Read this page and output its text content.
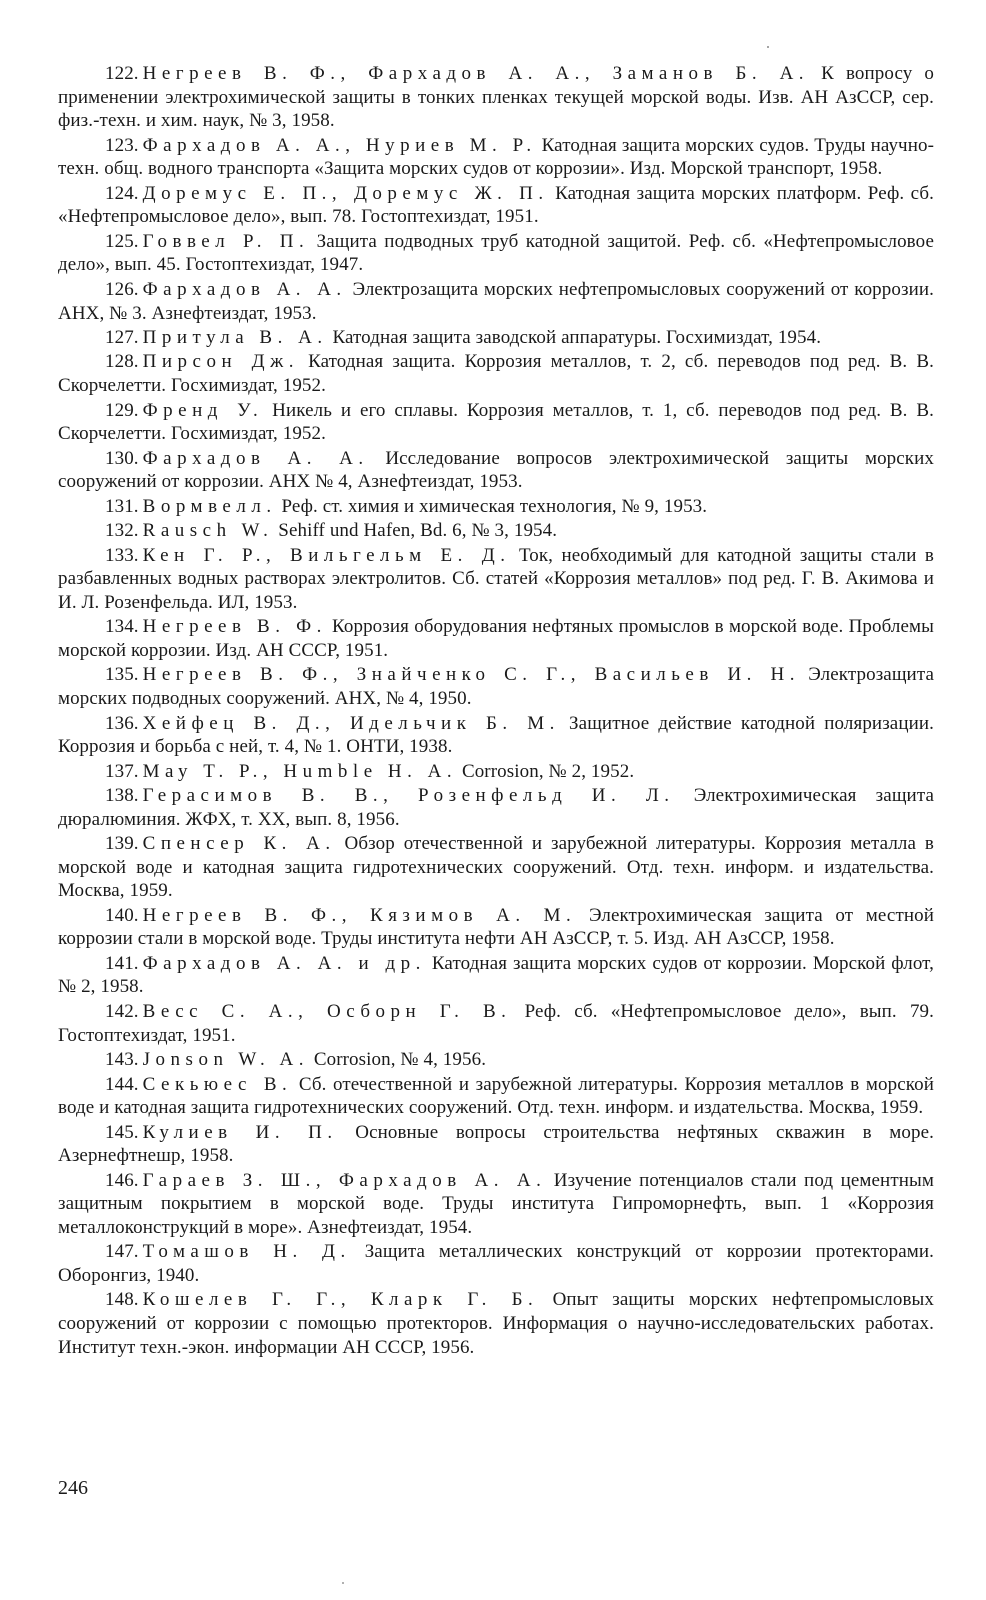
122. Негреев В. Ф., Фархадов А. А., Заманов Б. А. К вопросу о применении электрохимической защиты в тонких пленках текущей морской воды. Изв. АН АзССР, сер. физ.-техн. и хим. наук, № 3, 1958.

123. Фархадов А. А., Нуриев М. Р. Катодная защита морских судов. Труды научно-техн. общ. водного транспорта «Защита морских судов от коррозии». Изд. Морской транспорт, 1958.

124. Доремус Е. П., Доремус Ж. П. Катодная защита морских платформ. Реф. сб. «Нефтепромысловое дело», вып. 78. Гостоптехиздат, 1951.

125. Говвел Р. П. Защита подводных труб катодной защитой. Реф. сб. «Нефтепромысловое дело», вып. 45. Гостоптехиздат, 1947.

126. Фархадов А. А. Электрозащита морских нефтепромысловых сооружений от коррозии. АНХ, № 3. Азнефтеиздат, 1953.

127. Притула В. А. Катодная защита заводской аппаратуры. Госхимиздат, 1954.

128. Пирсон Дж. Катодная защита. Коррозия металлов, т. 2, сб. переводов под ред. В. В. Скорчелетти. Госхимиздат, 1952.

129. Френд У. Никель и его сплавы. Коррозия металлов, т. 1, сб. переводов под ред. В. В. Скорчелетти. Госхимиздат, 1952.

130. Фархадов А. А. Исследование вопросов электрохимической защиты морских сооружений от коррозии. АНХ № 4, Азнефтеиздат, 1953.

131. Вормвелл. Реф. ст. химия и химическая технология, № 9, 1953.

132. Rausch W. Sehiff und Hafen, Bd. 6, № 3, 1954.

133. Кен Г. Р., Вильгельм Е. Д. Ток, необходимый для катодной защиты стали в разбавленных водных растворах электролитов. Сб. статей «Коррозия металлов» под ред. Г. В. Акимова и И. Л. Розенфельда. ИЛ, 1953.

134. Негреев В. Ф. Коррозия оборудования нефтяных промыслов в морской воде. Проблемы морской коррозии. Изд. АН СССР, 1951.

135. Негреев В. Ф., Знайченко С. Г., Васильев И. Н. Электрозащита морских подводных сооружений. АНХ, № 4, 1950.

136. Хейфец В. Д., Идельчик Б. М. Защитное действие катодной поляризации. Коррозия и борьба с ней, т. 4, № 1. ОНТИ, 1938.

137. Мау Т. Р., Humble Н. А. Corrosion, № 2, 1952.

138. Герасимов В. В., Розенфельд И. Л. Электрохимическая защита дюралюминия. ЖФХ, т. XX, вып. 8, 1956.

139. Спенсер К. А. Обзор отечественной и зарубежной литературы. Коррозия металла в морской воде и катодная защита гидротехнических сооружений. Отд. техн. информ. и издательства. Москва, 1959.

140. Негреев В. Ф., Кязимов А. М. Электрохимическая защита от местной коррозии стали в морской воде. Труды института нефти АН АзССР, т. 5. Изд. АН АзССР, 1958.

141. Фархадов А. А. и др. Катодная защита морских судов от коррозии. Морской флот, № 2, 1958.

142. Весс С. А., Осборн Г. В. Реф. сб. «Нефтепромысловое дело», вып. 79. Гостоптехиздат, 1951.

143. Jonson W. A. Corrosion, № 4, 1956.

144. Секьюес В. Сб. отечественной и зарубежной литературы. Коррозия металлов в морской воде и катодная защита гидротехнических сооружений. Отд. техн. информ. и издательства. Москва, 1959.

145. Кулиев И. П. Основные вопросы строительства нефтяных скважин в море. Азернефтнешр, 1958.

146. Гараев З. Ш., Фархадов А. А. Изучение потенциалов стали под цементным защитным покрытием в морской воде. Труды института Гипроморнефть, вып. 1 «Коррозия металлоконструкций в море». Азнефтеиздат, 1954.

147. Томашов Н. Д. Защита металлических конструкций от коррозии протекторами. Оборонгиз, 1940.

148. Кошелев Г. Г., Кларк Г. Б. Опыт защиты морских нефтепромысловых сооружений от коррозии с помощью протекторов. Информация о научно-исследовательских работах. Институт техн.-экон. информации АН СССР, 1956.

246
